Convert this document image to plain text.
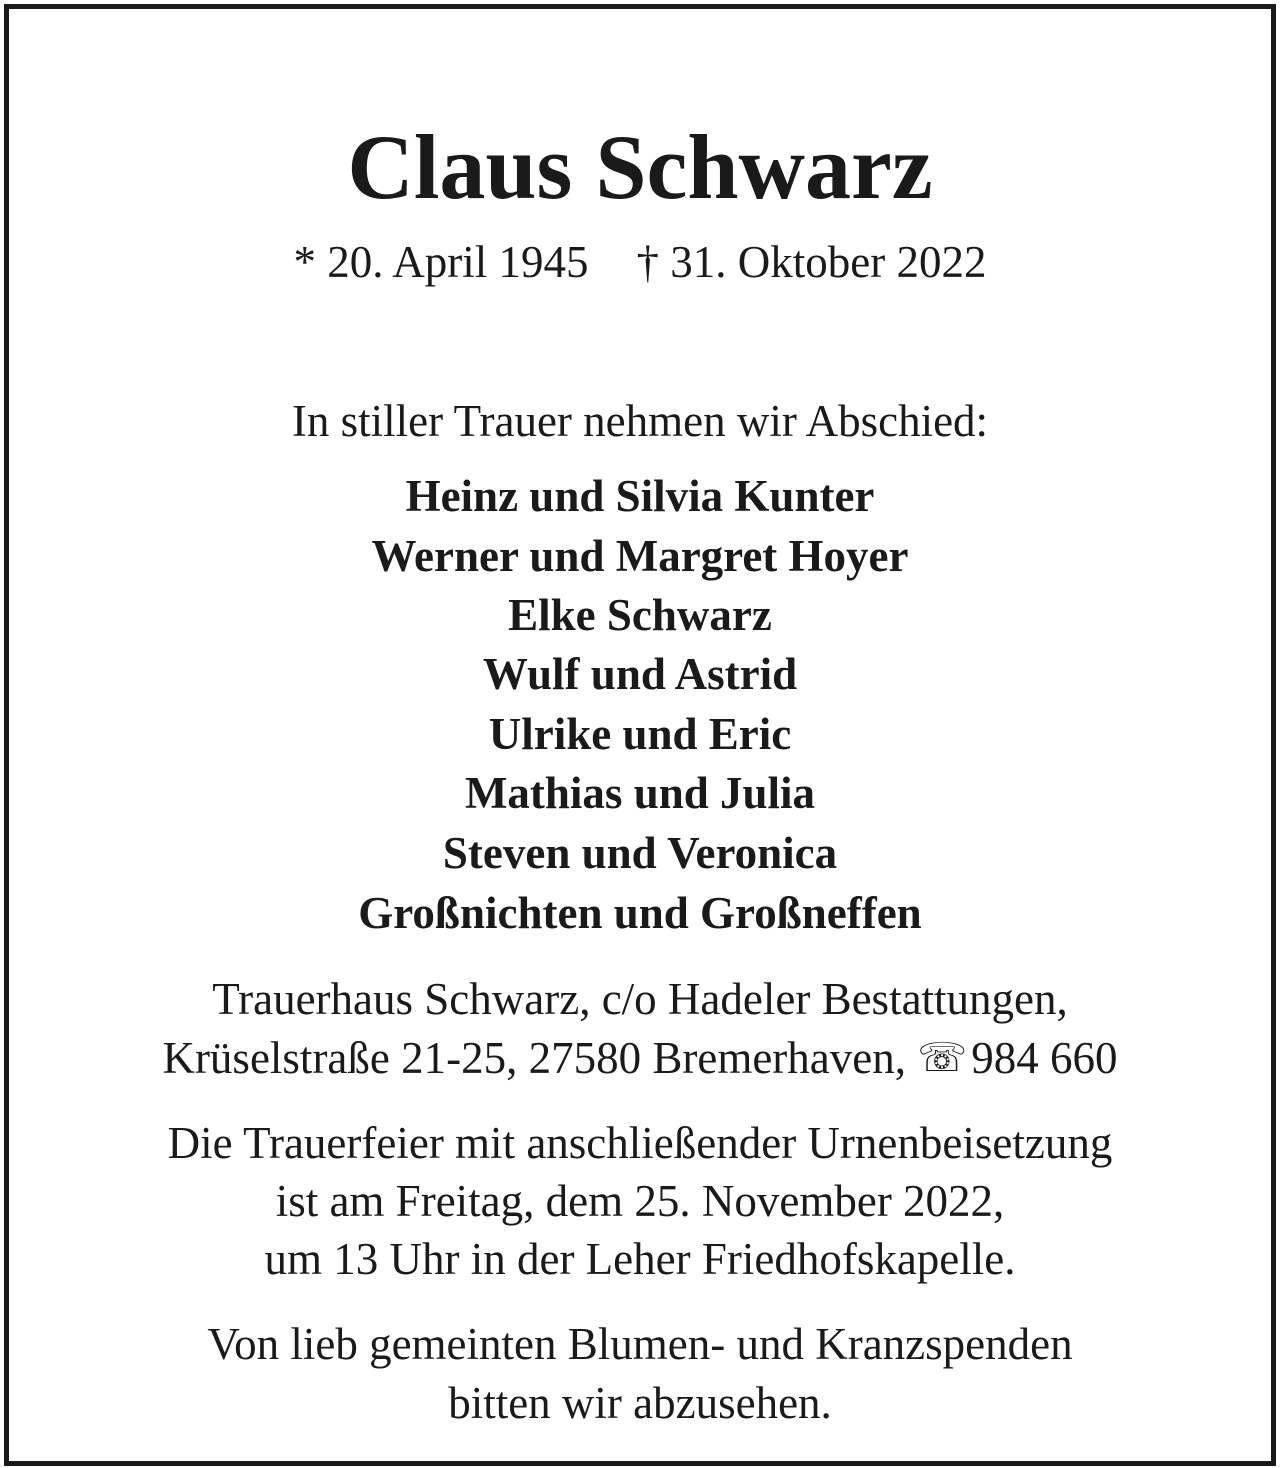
Claus Schwarz
* 20. April 1945 † 31. Oktober 2022
In stiller Trauer nehmen wir Abschied:
Heinz und Silvia Kunter
Werner und Margret Hoyer
Elke Schwarz
Wulf und Astrid
Ulrike und Eric
Mathias und Julia
Steven und Veronica
Großnichten und Großneffen
Trauerhaus Schwarz, c/o Hadeler Bestattungen,
Krüselstraße 21-25, 27580 Bremerhaven, ☏984 660
Die Trauerfeier mit anschließender Urnenbeisetzung
ist am Freitag, dem 25. November 2022,
um 13 Uhr in der Leher Friedhofskapelle.
Von lieb gemeinten Blumen- und Kranzspenden
bitten wir abzusehen.
